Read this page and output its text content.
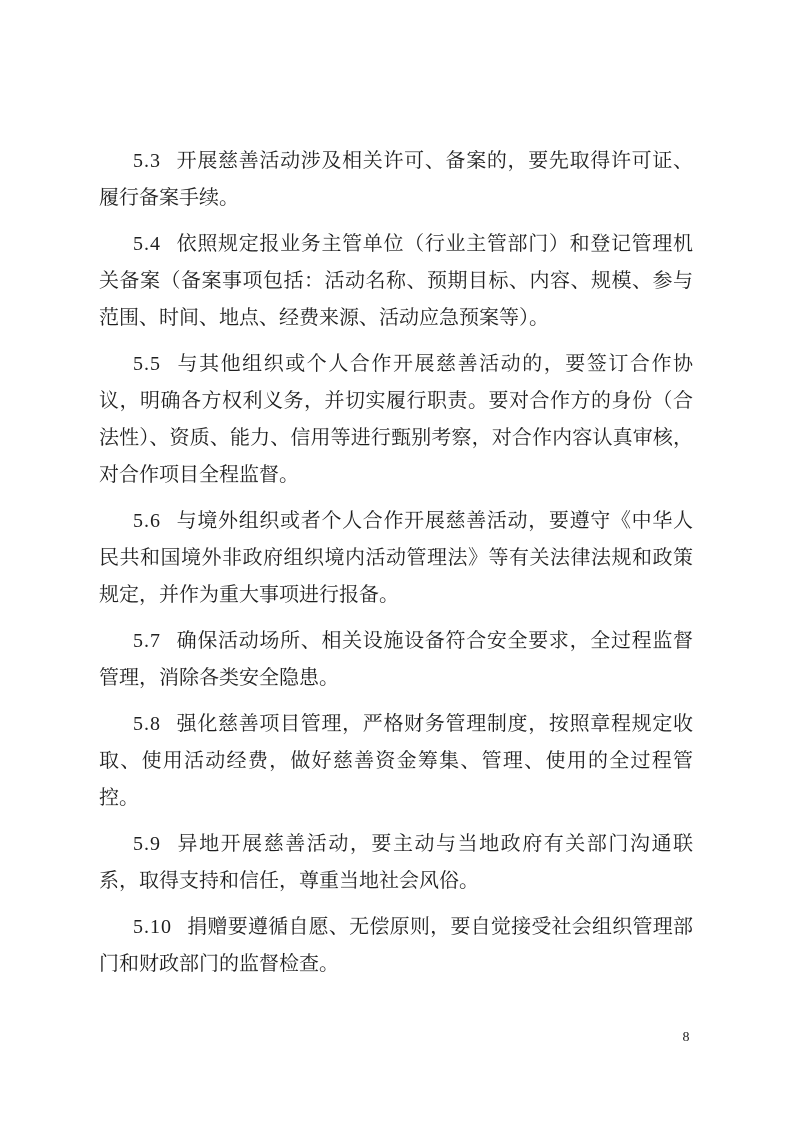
5.3 开展慈善活动涉及相关许可、备案的，要先取得许可证、履行备案手续。

5.4 依照规定报业务主管单位（行业主管部门）和登记管理机关备案（备案事项包括：活动名称、预期目标、内容、规模、参与范围、时间、地点、经费来源、活动应急预案等）。

5.5 与其他组织或个人合作开展慈善活动的，要签订合作协议，明确各方权利义务，并切实履行职责。要对合作方的身份（合法性）、资质、能力、信用等进行甄别考察，对合作内容认真审核，对合作项目全程监督。

5.6 与境外组织或者个人合作开展慈善活动，要遵守《中华人民共和国境外非政府组织境内活动管理法》等有关法律法规和政策规定，并作为重大事项进行报备。

5.7 确保活动场所、相关设施设备符合安全要求，全过程监督管理，消除各类安全隐患。

5.8 强化慈善项目管理，严格财务管理制度，按照章程规定收取、使用活动经费，做好慈善资金筹集、管理、使用的全过程管控。

5.9 异地开展慈善活动，要主动与当地政府有关部门沟通联系，取得支持和信任，尊重当地社会风俗。

5.10 捐赠要遵循自愿、无偿原则，要自觉接受社会组织管理部门和财政部门的监督检查。

8
